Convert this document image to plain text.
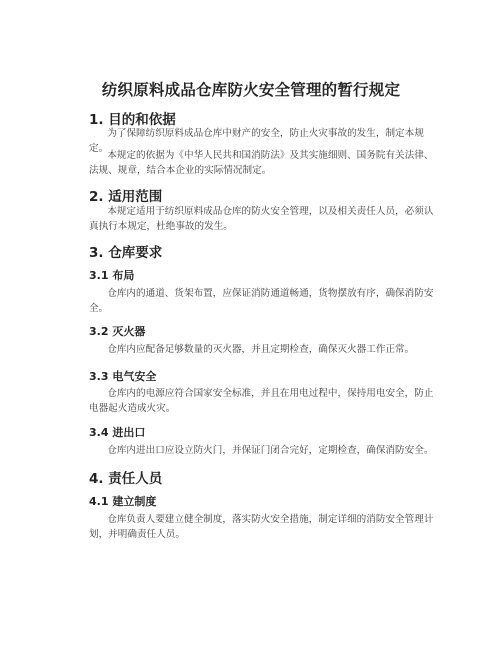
纺织原料成品仓库防火安全管理的暂行规定
1. 目的和依据
为了保障纺织原料成品仓库中财产的安全，防止火灾事故的发生，制定本规定。
本规定的依据为《中华人民共和国消防法》及其实施细则、国务院有关法律、法规、规章，结合本企业的实际情况制定。
2. 适用范围
本规定适用于纺织原料成品仓库的防火安全管理，以及相关责任人员，必须认真执行本规定，杜绝事故的发生。
3. 仓库要求
3.1 布局
仓库内的通道、货架布置，应保证消防通道畅通，货物摆放有序，确保消防安全。
3.2 灭火器
仓库内应配备足够数量的灭火器，并且定期检查，确保灭火器工作正常。
3.3 电气安全
仓库内的电源应符合国家安全标准，并且在用电过程中，保持用电安全，防止电器起火造成火灾。
3.4 进出口
仓库内进出口应设立防火门，并保证门闭合完好，定期检查，确保消防安全。
4. 责任人员
4.1 建立制度
仓库负责人要建立健全制度，落实防火安全措施，制定详细的消防安全管理计划，并明确责任人员。
